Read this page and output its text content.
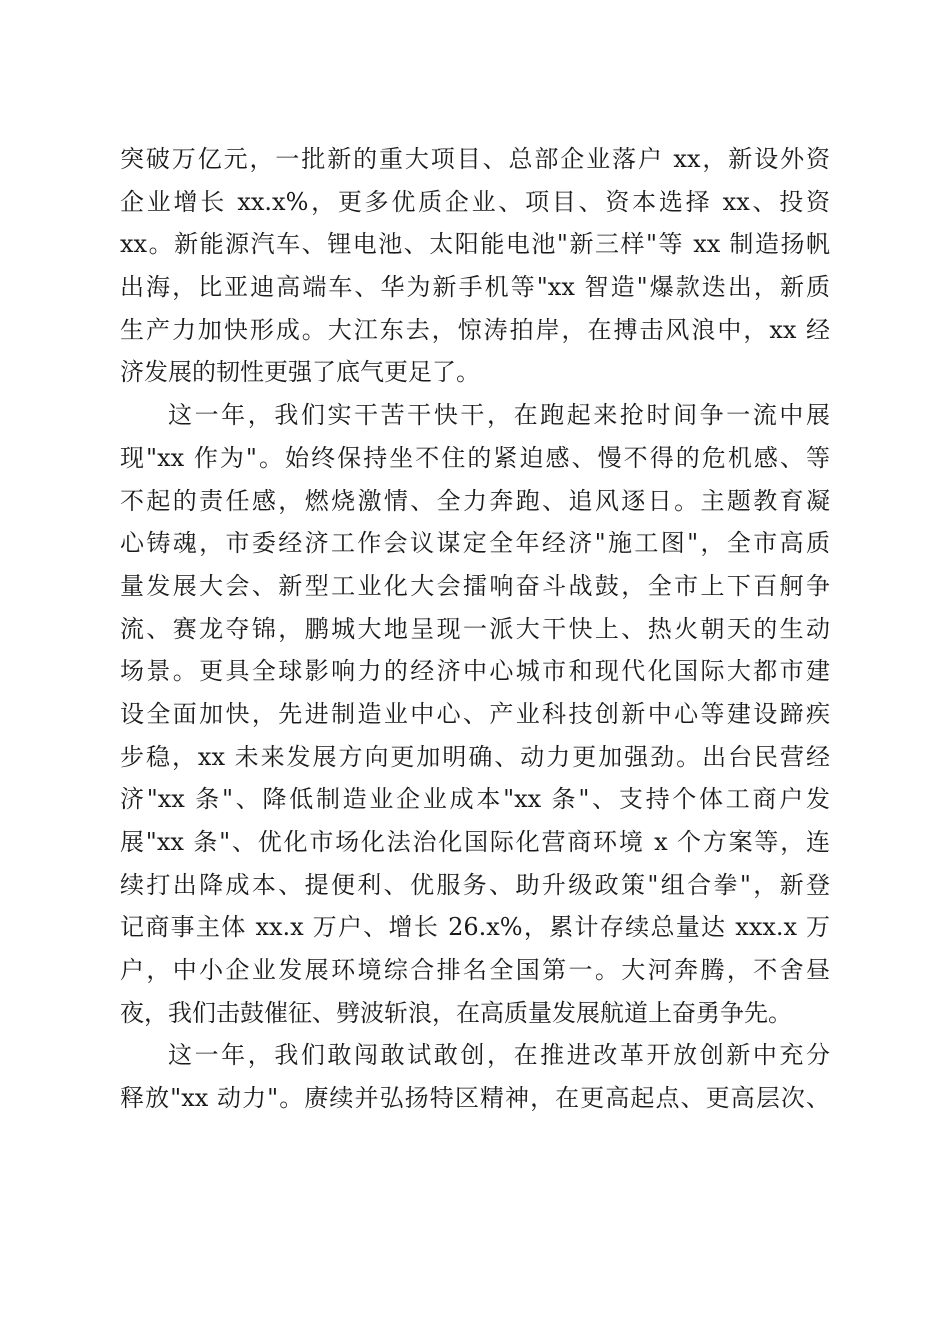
突破万亿元，一批新的重大项目、总部企业落户 xx，新设外资
企业增长 xx.x%，更多优质企业、项目、资本选择 xx、投资
xx。新能源汽车、锂电池、太阳能电池"新三样"等 xx 制造扬帆
出海，比亚迪高端车、华为新手机等"xx 智造"爆款迭出，新质
生产力加快形成。大江东去，惊涛拍岸，在搏击风浪中，xx 经
济发展的韧性更强了底气更足了。
这一年，我们实干苦干快干，在跑起来抢时间争一流中展
现"xx 作为"。始终保持坐不住的紧迫感、慢不得的危机感、等
不起的责任感，燃烧激情、全力奔跑、追风逐日。主题教育凝
心铸魂，市委经济工作会议谋定全年经济"施工图"，全市高质
量发展大会、新型工业化大会擂响奋斗战鼓，全市上下百舸争
流、赛龙夺锦，鹏城大地呈现一派大干快上、热火朝天的生动
场景。更具全球影响力的经济中心城市和现代化国际大都市建
设全面加快，先进制造业中心、产业科技创新中心等建设蹄疾
步稳，xx 未来发展方向更加明确、动力更加强劲。出台民营经
济"xx 条"、降低制造业企业成本"xx 条"、支持个体工商户发
展"xx 条"、优化市场化法治化国际化营商环境 x 个方案等，连
续打出降成本、提便利、优服务、助升级政策"组合拳"，新登
记商事主体 xx.x 万户、增长 26.x%，累计存续总量达 xxx.x 万
户，中小企业发展环境综合排名全国第一。大河奔腾，不舍昼
夜，我们击鼓催征、劈波斩浪，在高质量发展航道上奋勇争先。
这一年，我们敢闯敢试敢创，在推进改革开放创新中充分
释放"xx 动力"。赓续并弘扬特区精神，在更高起点、更高层次、
